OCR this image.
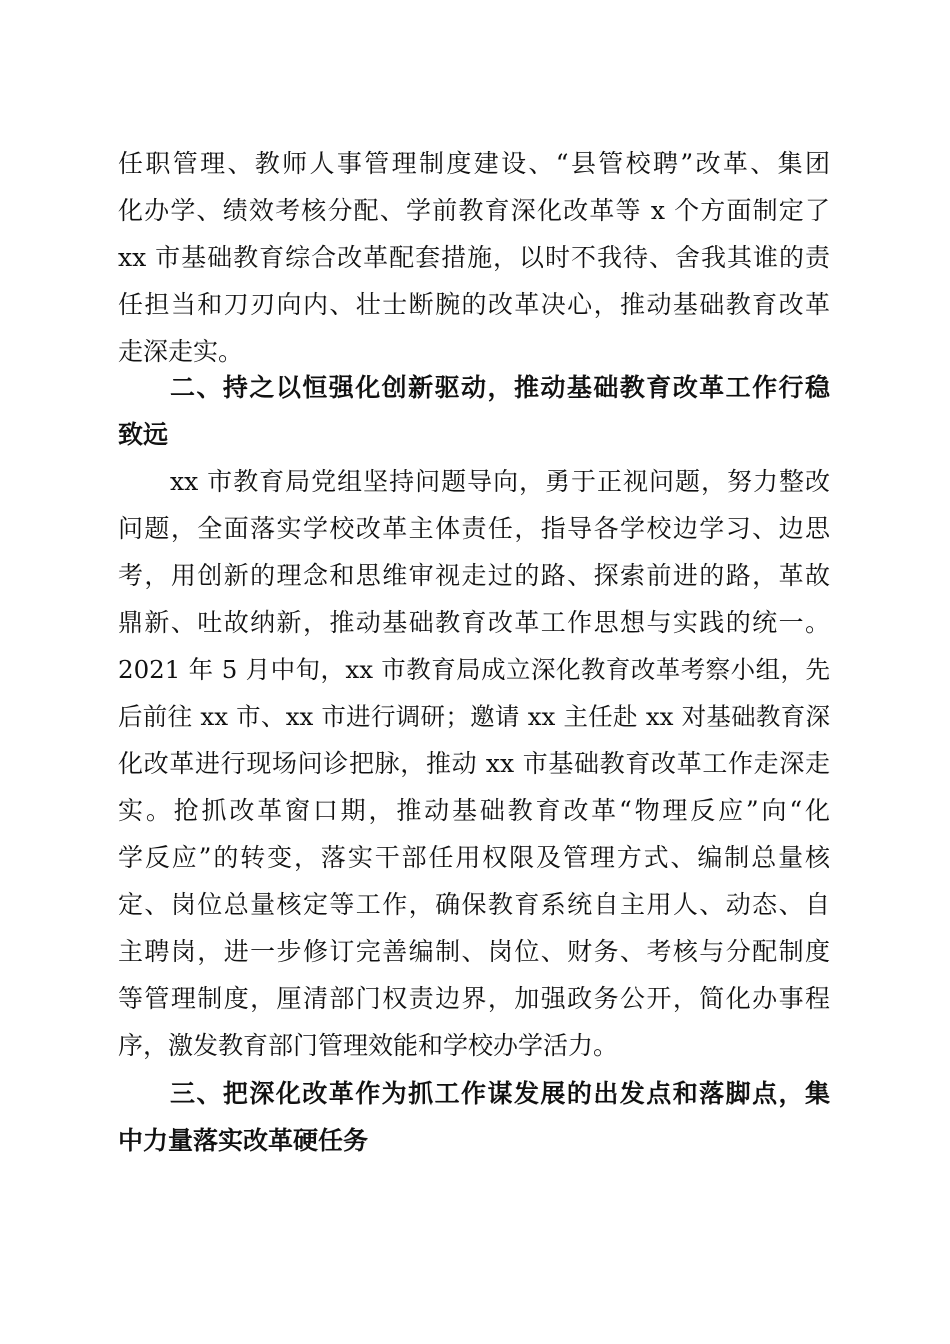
任职管理、教师人事管理制度建设、“县管校聘”改革、集团
化办学、绩效考核分配、学前教育深化改革等 x 个方面制定了
xx 市基础教育综合改革配套措施，以时不我待、舍我其谁的责
任担当和刀刃向内、壮士断腕的改革决心，推动基础教育改革
走深走实。
二、持之以恒强化创新驱动，推动基础教育改革工作行稳
致远
xx 市教育局党组坚持问题导向，勇于正视问题，努力整改
问题，全面落实学校改革主体责任，指导各学校边学习、边思
考，用创新的理念和思维审视走过的路、探索前进的路，革故
鼎新、吐故纳新，推动基础教育改革工作思想与实践的统一。
2021 年 5 月中旬，xx 市教育局成立深化教育改革考察小组，先
后前往 xx 市、xx 市进行调研；邀请 xx 主任赴 xx 对基础教育深
化改革进行现场问诊把脉，推动 xx 市基础教育改革工作走深走
实。抢抓改革窗口期，推动基础教育改革“物理反应”向“化
学反应”的转变，落实干部任用权限及管理方式、编制总量核
定、岗位总量核定等工作，确保教育系统自主用人、动态、自
主聘岗，进一步修订完善编制、岗位、财务、考核与分配制度
等管理制度，厘清部门权责边界，加强政务公开，简化办事程
序，激发教育部门管理效能和学校办学活力。
三、把深化改革作为抓工作谋发展的出发点和落脚点，集
中力量落实改革硬任务
